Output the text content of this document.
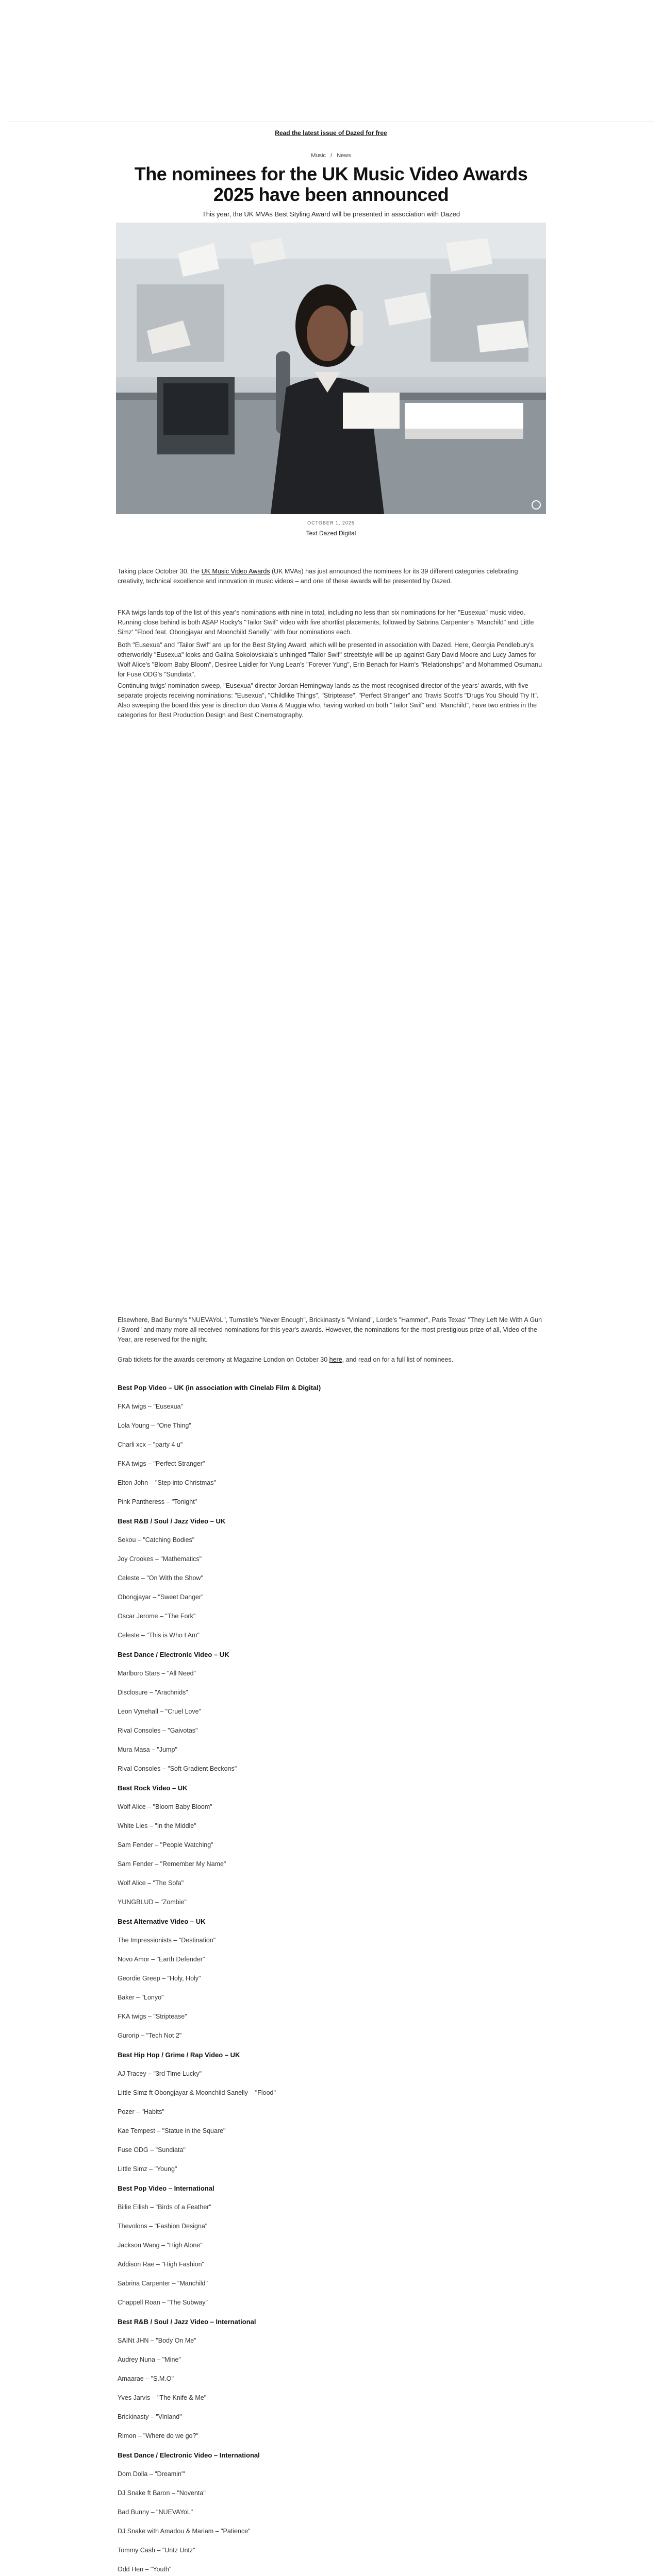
Read the latest issue of Dazed for free
Music / News
The nominees for the UK Music Video Awards 2025 have been announced
This year, the UK MVAs Best Styling Award will be presented in association with Dazed
OCTOBER 1, 2025
Text Dazed Digital

Taking place October 30, the UK Music Video Awards (UK MVAs) has just announced the nominees for its 39 different categories celebrating creativity, technical excellence and innovation in music videos – and one of these awards will be presented by Dazed.

FKA twigs lands top of the list of this year's nominations with nine in total, including no less than six nominations for her "Eusexua" music video. Running close behind is both A$AP Rocky's "Tailor Swif" video with five shortlist placements, followed by Sabrina Carpenter's "Manchild" and Little Simz' "Flood feat. Obongjayar and Moonchild Sanelly" with four nominations each.

Both "Eusexua" and "Tailor Swif" are up for the Best Styling Award, which will be presented in association with Dazed. Here, Georgia Pendlebury's otherworldly "Eusexua" looks and Galina Sokolovskaia's unhinged "Tailor Swif" streetstyle will be up against Gary David Moore and Lucy James for Wolf Alice's "Bloom Baby Bloom", Desiree Laidler for Yung Lean's "Forever Yung", Erin Benach for Haim's "Relationships" and Mohammed Osumanu for Fuse ODG's "Sundiata".

Continuing twigs' nomination sweep, "Eusexua" director Jordan Hemingway lands as the most recognised director of the years' awards, with five separate projects receiving nominations: "Eusexua", "Childlike Things", "Striptease", "Perfect Stranger" and Travis Scott's "Drugs You Should Try It". Also sweeping the board this year is direction duo Vania & Muggia who, having worked on both "Tailor Swif" and "Manchild", have two entries in the categories for Best Production Design and Best Cinematography.

Elsewhere, Bad Bunny's "NUEVAYoL", Turnstile's "Never Enough", Brickinasty's "Vinland", Lorde's "Hammer", Paris Texas' "They Left Me With A Gun / Sword" and many more all received nominations for this year's awards. However, the nominations for the most prestigious prize of all, Video of the Year, are reserved for the night.

Grab tickets for the awards ceremony at Magazine London on October 30 here, and read on for a full list of nominees.

Best Pop Video – UK (in association with Cinelab Film & Digital)
FKA twigs – "Eusexua"
Lola Young – "One Thing"
Charli xcx – "party 4 u"
FKA twigs – "Perfect Stranger"
Elton John – "Step into Christmas"
Pink Pantheress – "Tonight"
Best R&B / Soul / Jazz Video – UK
Sekou – "Catching Bodies"
Joy Crookes – "Mathematics"
Celeste – "On With the Show"
Obongjayar – "Sweet Danger"
Oscar Jerome – "The Fork"
Celeste – "This is Who I Am"
Best Dance / Electronic Video – UK
Marlboro Stars – "All Need"
Disclosure – "Arachnids"
Leon Vynehall – "Cruel Love"
Rival Consoles – "Gaivotas"
Mura Masa – "Jump"
Rival Consoles – "Soft Gradient Beckons"
Best Rock Video – UK
Wolf Alice – "Bloom Baby Bloom"
White Lies – "In the Middle"
Sam Fender – "People Watching"
Sam Fender – "Remember My Name"
Wolf Alice – "The Sofa"
YUNGBLUD – "Zombie"
Best Alternative Video – UK
The Impressionists – "Destination"
Novo Amor – "Earth Defender"
Geordie Greep – "Holy, Holy"
Baker – "Lonyo"
FKA twigs – "Striptease"
Gurorip – "Tech Not 2"
Best Hip Hop / Grime / Rap Video – UK
AJ Tracey – "3rd Time Lucky"
Little Simz ft Obongjayar & Moonchild Sanelly – "Flood"
Pozer – "Habits"
Kae Tempest – "Statue in the Square"
Fuse ODG – "Sundiata"
Little Simz – "Young"
Best Pop Video – International
Billie Eilish – "Birds of a Feather"
Thevolons – "Fashion Designa"
Jackson Wang – "High Alone"
Addison Rae – "High Fashion"
Sabrina Carpenter – "Manchild"
Chappell Roan – "The Subway"
Best R&B / Soul / Jazz Video – International
SAINt JHN – "Body On Me"
Audrey Nuna – "Mine"
Amaarae – "S.M.O"
Yves Jarvis – "The Knife & Me"
Brickinasty – "Vinland"
Rimon – "Where do we go?"
Best Dance / Electronic Video – International
Dom Dolla – "Dreamin'"
DJ Snake ft Baron – "Noventa"
Bad Bunny – "NUEVAYoL"
DJ Snake with Amadou & Mariam – "Patience"
Tommy Cash – "Untz Untz"
Odd Hen – "Youth"
